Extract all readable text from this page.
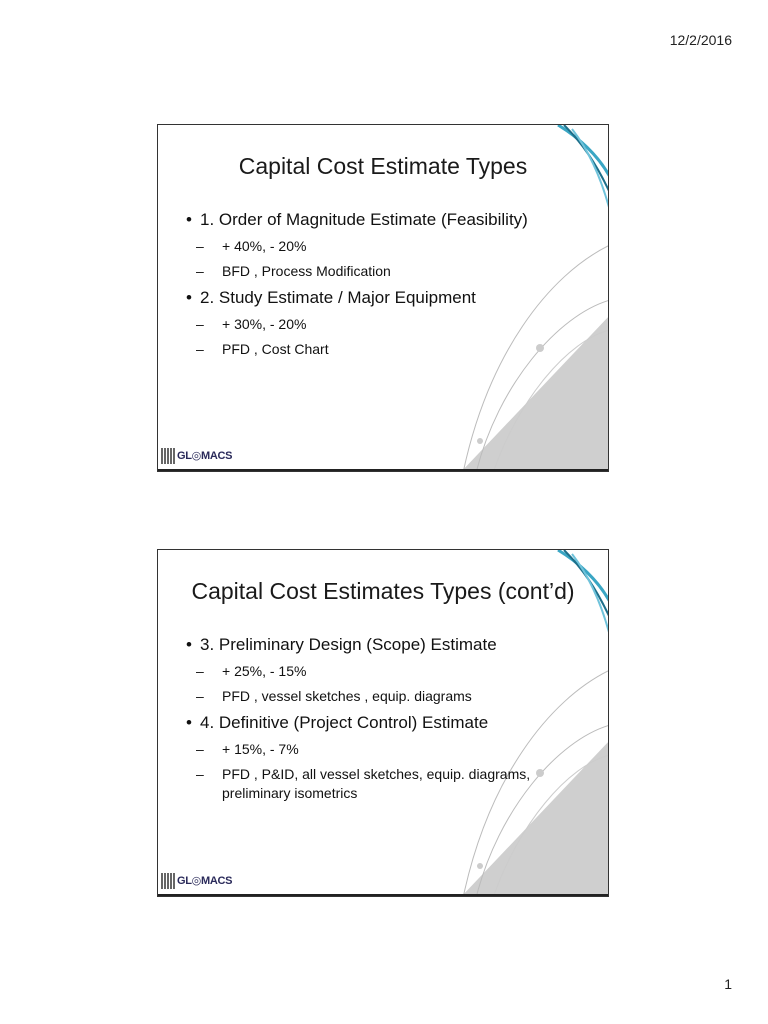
12/2/2016
Capital Cost Estimate Types
• 1. Order of Magnitude Estimate (Feasibility)
– + 40%, - 20%
– BFD , Process Modification
• 2. Study Estimate / Major Equipment
– + 30%, - 20%
– PFD , Cost Chart
GL◎MACS
Capital Cost Estimates Types (cont’d)
• 3. Preliminary Design (Scope) Estimate
– + 25%, - 15%
– PFD , vessel sketches , equip. diagrams
• 4. Definitive (Project Control) Estimate
– + 15%, - 7%
– PFD , P&ID, all vessel sketches, equip. diagrams, preliminary isometrics
GL◎MACS
1
